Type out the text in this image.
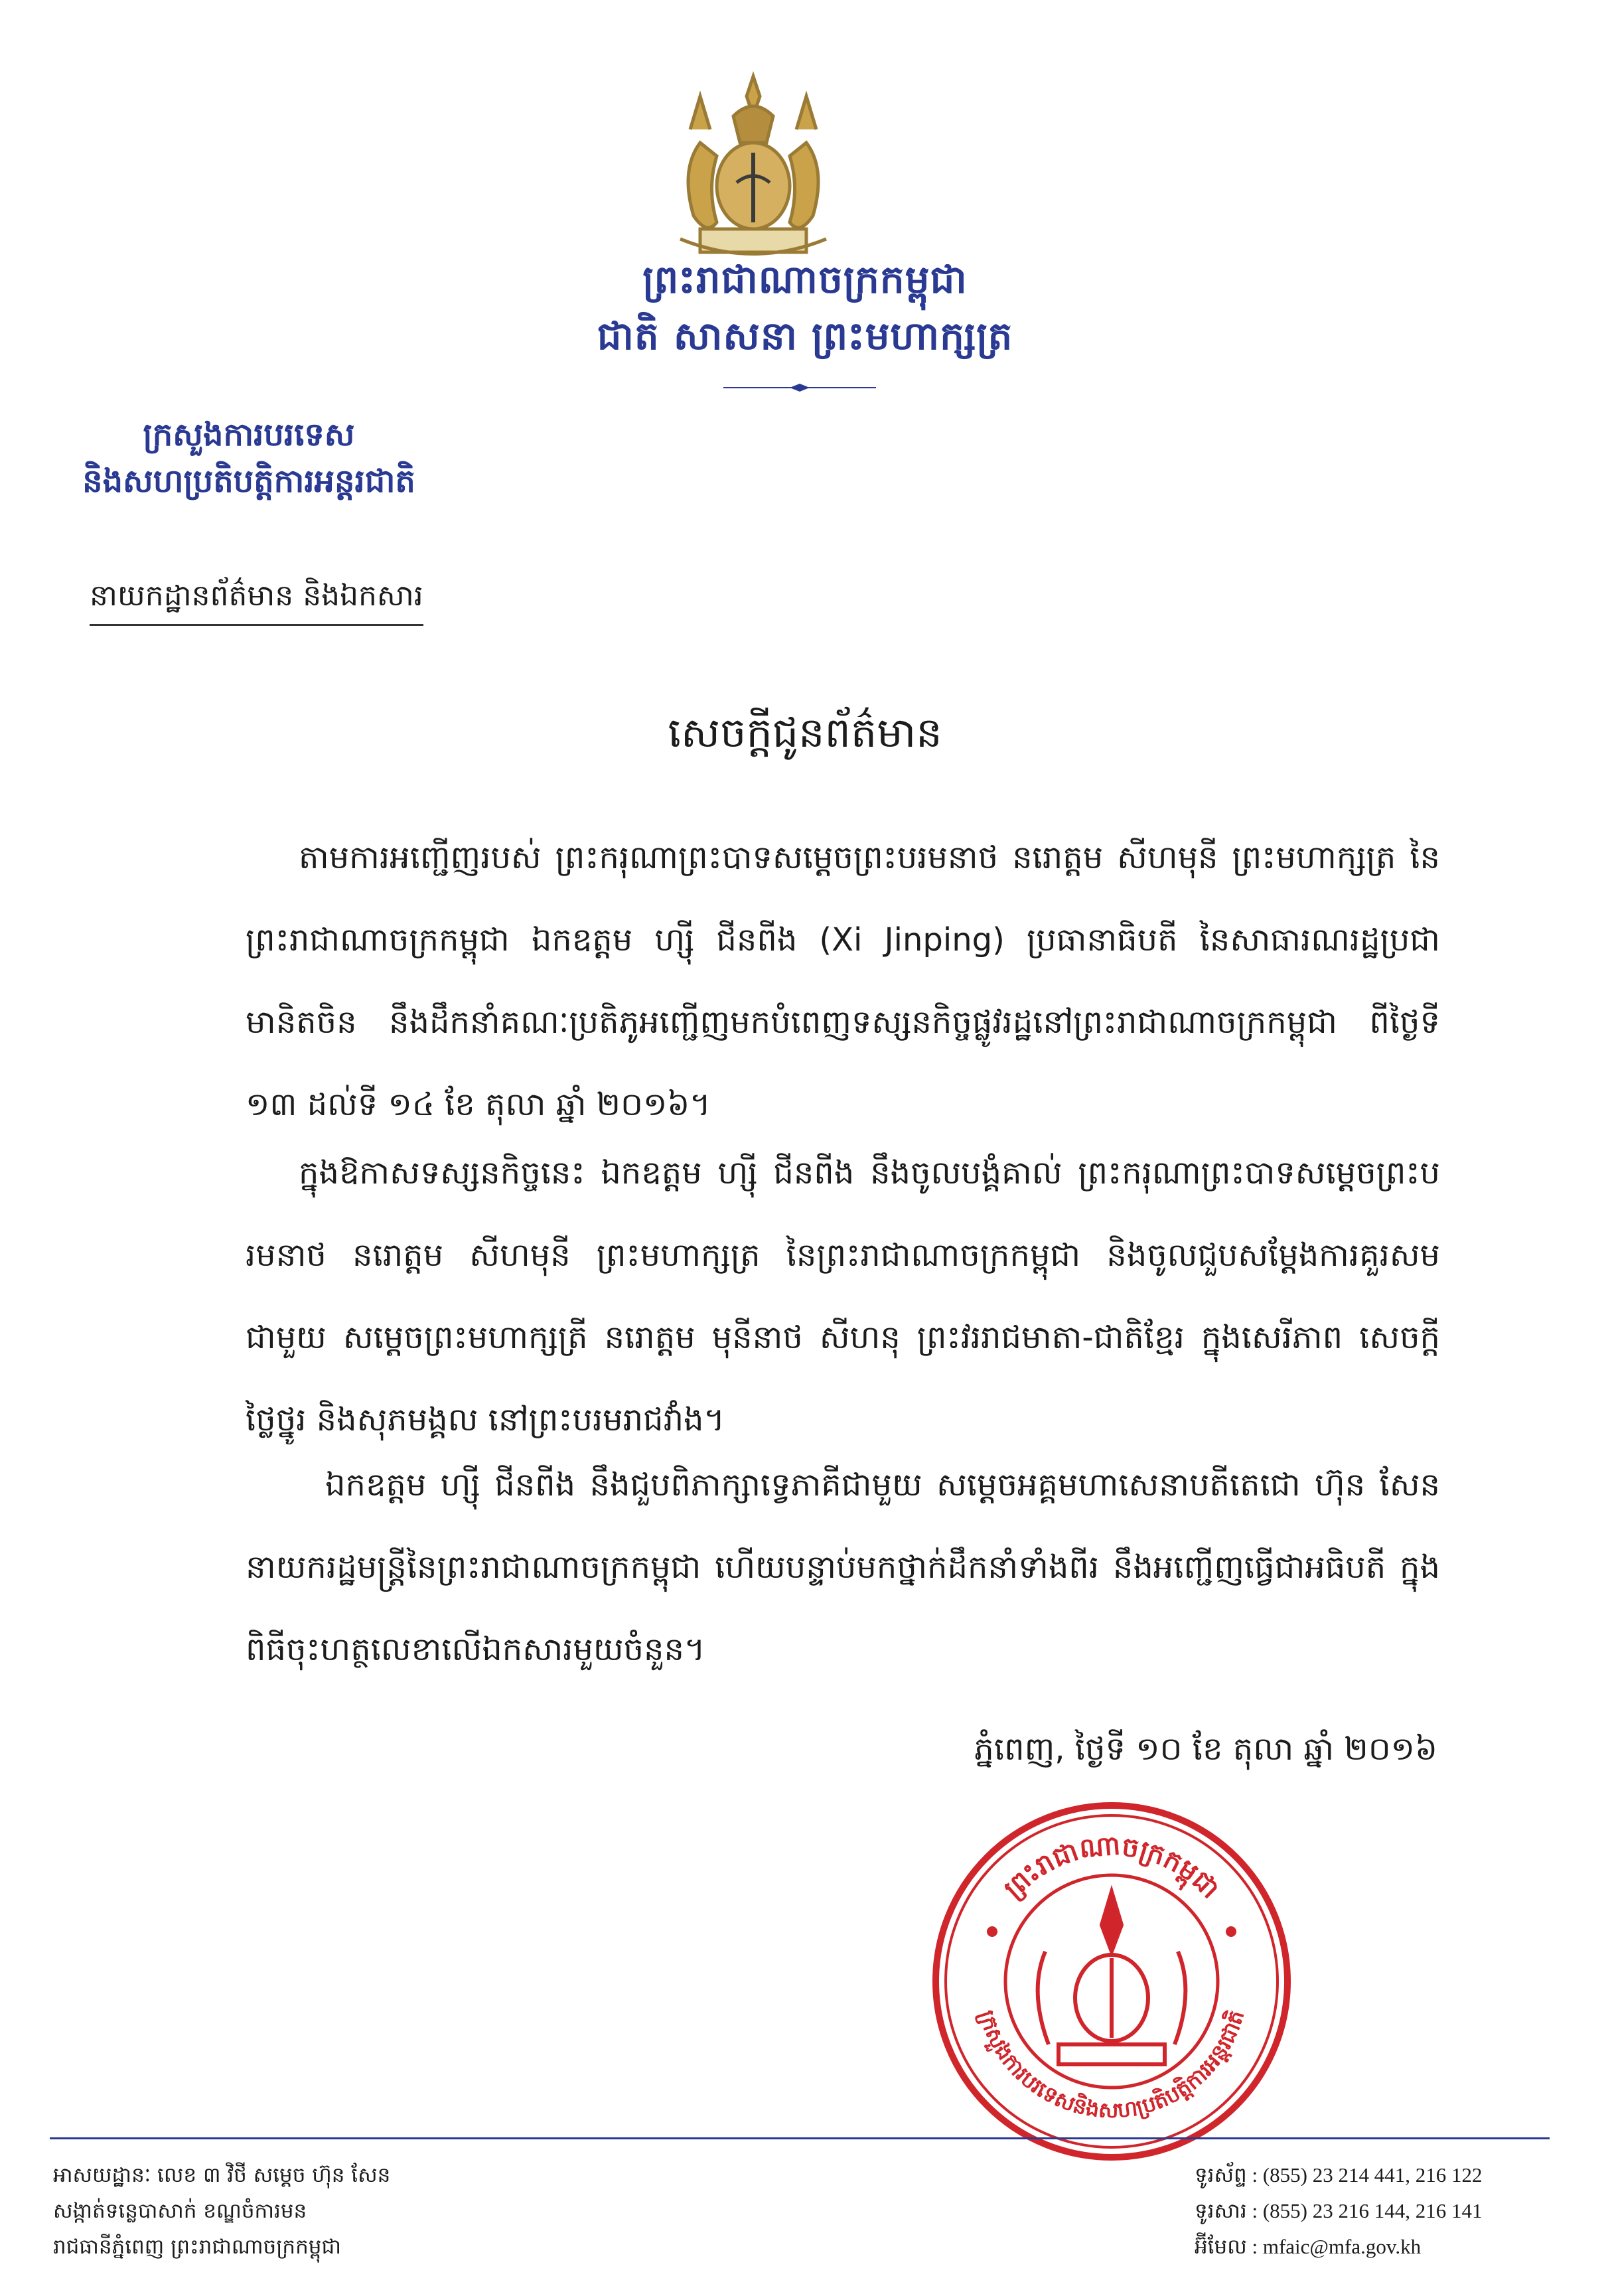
ព្រះរាជាណាចក្រកម្ពុជា
ជាតិ សាសនា ព្រះមហាក្សត្រ
ក្រសួងការបរទេស
និងសហប្រតិបត្តិការអន្តរជាតិ
នាយកដ្ឋានព័ត៌មាន និងឯកសារ
សេចក្តីជូនព័ត៌មាន
តាមការអញ្ជើញរបស់ ព្រះករុណាព្រះបាទសម្តេចព្រះបរមនាថ នរោត្តម សីហមុនី ព្រះមហាក្សត្រ នៃព្រះរាជាណាចក្រកម្ពុជា ឯកឧត្តម ហ្ស៊ី ជីនពីង (Xi Jinping) ប្រធានាធិបតី នៃសាធារណរដ្ឋប្រជាមានិតចិន នឹងដឹកនាំគណៈប្រតិភូអញ្ជើញមកបំពេញទស្សនកិច្ចផ្លូវរដ្ឋនៅព្រះរាជាណាចក្រកម្ពុជា ពីថ្ងៃទី ១៣ ដល់ទី ១៤ ខែ តុលា ឆ្នាំ ២០១៦។
ក្នុងឱកាសទស្សនកិច្ចនេះ ឯកឧត្តម ហ្ស៊ី ជីនពីង នឹងចូលបង្គំគាល់ ព្រះករុណាព្រះបាទសម្តេចព្រះបរមនាថ នរោត្តម សីហមុនី ព្រះមហាក្សត្រ នៃព្រះរាជាណាចក្រកម្ពុជា និងចូលជួបសម្តែងការគួរសមជាមួយ សម្តេចព្រះមហាក្សត្រី នរោត្តម មុនីនាថ សីហនុ ព្រះវររាជមាតា-ជាតិខ្មែរ ក្នុងសេរីភាព សេចក្តីថ្លៃថ្នូរ និងសុភមង្គល នៅព្រះបរមរាជវាំង។
ឯកឧត្តម ហ្ស៊ី ជីនពីង នឹងជួបពិភាក្សាទ្វេភាគីជាមួយ សម្តេចអគ្គមហាសេនាបតីតេជោ ហ៊ុន សែន នាយករដ្ឋមន្ត្រីនៃព្រះរាជាណាចក្រកម្ពុជា ហើយបន្ទាប់មកថ្នាក់ដឹកនាំទាំងពីរ នឹងអញ្ជើញធ្វើជាអធិបតី ក្នុងពិធីចុះហត្ថលេខាលើឯកសារមួយចំនួន។
ភ្នំពេញ, ថ្ងៃទី ១០ ខែ តុលា ឆ្នាំ ២០១៦
ព្រះរាជាណាចក្រកម្ពុជា
ក្រសួងការបរទេសនិងសហប្រតិបត្តិការអន្តរជាតិ
អាសយដ្ឋានៈ លេខ ៣ វិថី សម្តេច ហ៊ុន សែន
សង្កាត់ទន្លេបាសាក់ ខណ្ឌចំការមន
រាជធានីភ្នំពេញ ព្រះរាជាណាចក្រកម្ពុជា
ទូរស័ព្ទ : (855) 23 214 441, 216 122
ទូរសារ : (855) 23 216 144, 216 141
អ៊ីមែល : mfaic@mfa.gov.kh
